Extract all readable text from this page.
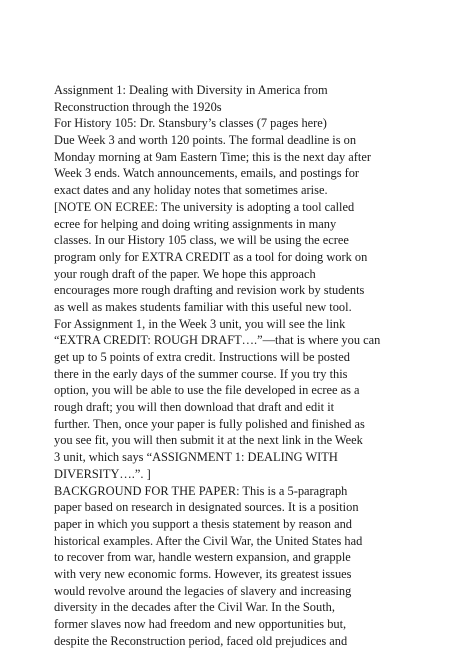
Assignment 1: Dealing with Diversity in America from
Reconstruction through the 1920s
For History 105: Dr. Stansbury’s classes (7 pages here)
Due Week 3 and worth 120 points. The formal deadline is on
Monday morning at 9am Eastern Time; this is the next day after
Week 3 ends. Watch announcements, emails, and postings for
exact dates and any holiday notes that sometimes arise.
[NOTE ON ECREE: The university is adopting a tool called
ecree for helping and doing writing assignments in many
classes. In our History 105 class, we will be using the ecree
program only for EXTRA CREDIT as a tool for doing work on
your rough draft of the paper. We hope this approach
encourages more rough drafting and revision work by students
as well as makes students familiar with this useful new tool.
For Assignment 1, in the Week 3 unit, you will see the link
“EXTRA CREDIT: ROUGH DRAFT….”—that is where you can
get up to 5 points of extra credit. Instructions will be posted
there in the early days of the summer course. If you try this
option, you will be able to use the file developed in ecree as a
rough draft; you will then download that draft and edit it
further. Then, once your paper is fully polished and finished as
you see fit, you will then submit it at the next link in the Week
3 unit, which says “ASSIGNMENT 1: DEALING WITH
DIVERSITY….”. ]
BACKGROUND FOR THE PAPER: This is a 5-paragraph
paper based on research in designated sources. It is a position
paper in which you support a thesis statement by reason and
historical examples. After the Civil War, the United States had
to recover from war, handle western expansion, and grapple
with very new economic forms. However, its greatest issues
would revolve around the legacies of slavery and increasing
diversity in the decades after the Civil War. In the South,
former slaves now had freedom and new opportunities but,
despite the Reconstruction period, faced old prejudices and
